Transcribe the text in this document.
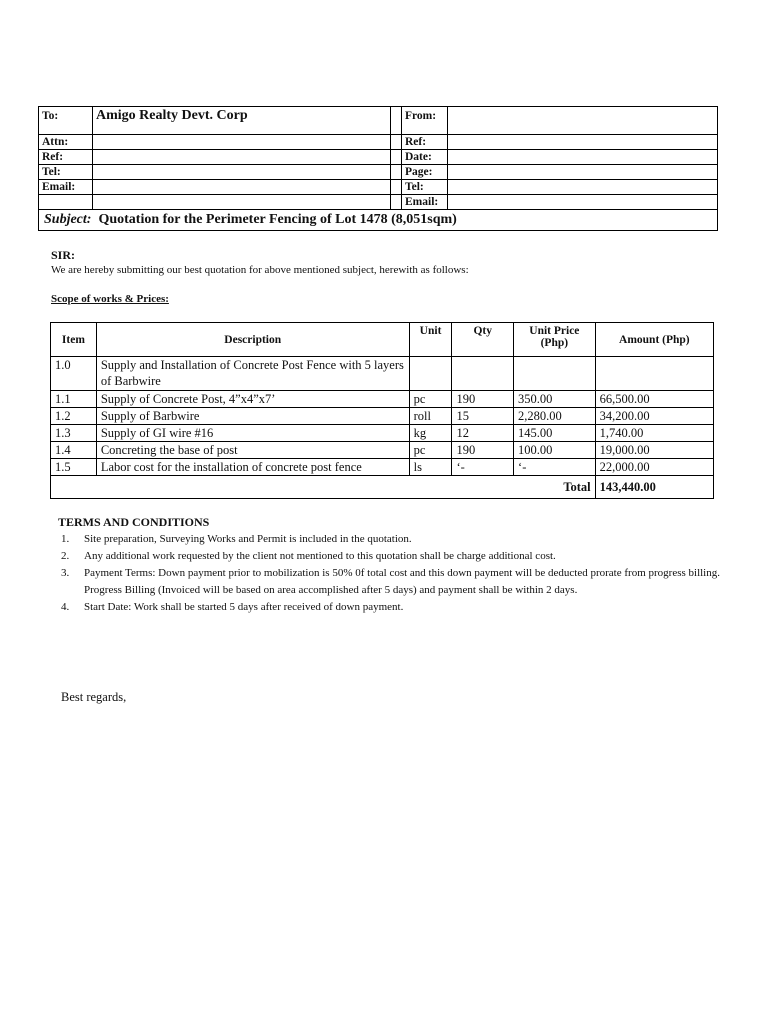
To:	Amigo Realty Devt. Corp		From:	
Attn:			Ref:	
Ref:			Date:	
Tel:			Page:	
Email:			Tel:	
			Email:	
Subject: Quotation for the Perimeter Fencing of Lot 1478 (8,051sqm)				
SIR:
We are hereby submitting our best quotation for above mentioned subject, herewith as follows:
Scope of works & Prices:
Item	Description	Unit	Qty	Unit Price (Php)	Amount (Php)
1.0	Supply and Installation of Concrete Post Fence with 5 layers of Barbwire				
1.1	Supply of Concrete Post, 4”x4”x7’	pc	190	350.00	66,500.00
1.2	Supply of Barbwire	roll	15	2,280.00	34,200.00
1.3	Supply of GI wire #16	kg	12	145.00	1,740.00
1.4	Concreting the base of post	pc	190	100.00	19,000.00
1.5	Labor cost for the installation of concrete post fence	ls	‘-	‘-	22,000.00
Total					143,440.00
TERMS AND CONDITIONS
1. Site preparation, Surveying Works and Permit is included in the quotation.
2. Any additional work requested by the client not mentioned to this quotation shall be charge additional cost.
3. Payment Terms: Down payment prior to mobilization is 50% 0f total cost and this down payment will be deducted prorate from progress billing. Progress Billing (Invoiced will be based on area accomplished after 5 days) and payment shall be within 2 days.
4. Start Date: Work shall be started 5 days after received of down payment.
Best regards,
